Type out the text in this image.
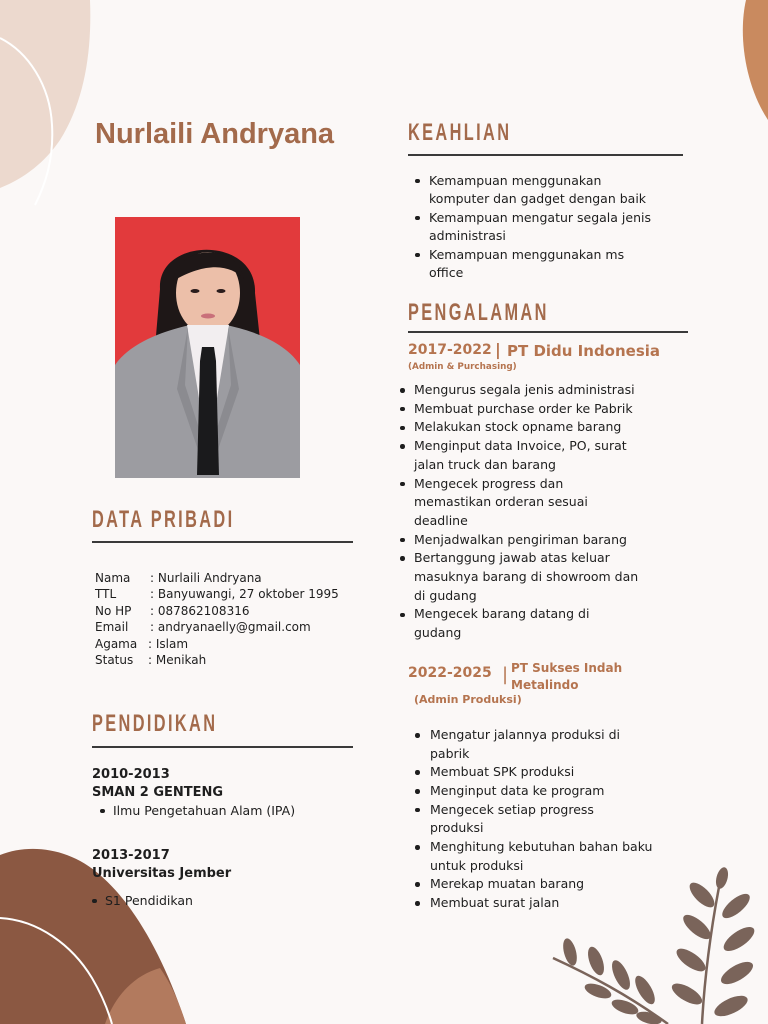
Nurlaili Andryana
DATA PRIBADI
Nama	: Nurlaili Andryana
TTL	: Banyuwangi, 27 oktober 1995
No HP	: 087862108316
Email	: andryanaelly@gmail.com
Agama : Islam
Status	: Menikah
PENDIDIKAN
2010-2013
SMAN 2 GENTENG
Ilmu Pengetahuan Alam (IPA)
2013-2017
Universitas Jember
S1 Pendidikan
KEAHLIAN
Kemampuan menggunakan
komputer dan gadget dengan baik
Kemampuan mengatur segala jenis
administrasi
Kemampuan menggunakan ms
office
PENGALAMAN
2017-2022 | PT Didu Indonesia
(Admin & Purchasing)
Mengurus segala jenis administrasi
Membuat purchase order ke Pabrik
Melakukan stock opname barang
Menginput data Invoice, PO, surat
jalan truck dan barang
Mengecek progress dan
memastikan orderan sesuai
deadline
Menjadwalkan pengiriman barang
Bertanggung jawab atas keluar
masuknya barang di showroom dan
di gudang
Mengecek barang datang di
gudang
2022-2025 | PT Sukses Indah
Metalindo
(Admin Produksi)
Mengatur jalannya produksi di
pabrik
Membuat SPK produksi
Menginput data ke program
Mengecek setiap progress
produksi
Menghitung kebutuhan bahan baku
untuk produksi
Merekap muatan barang
Membuat surat jalan
